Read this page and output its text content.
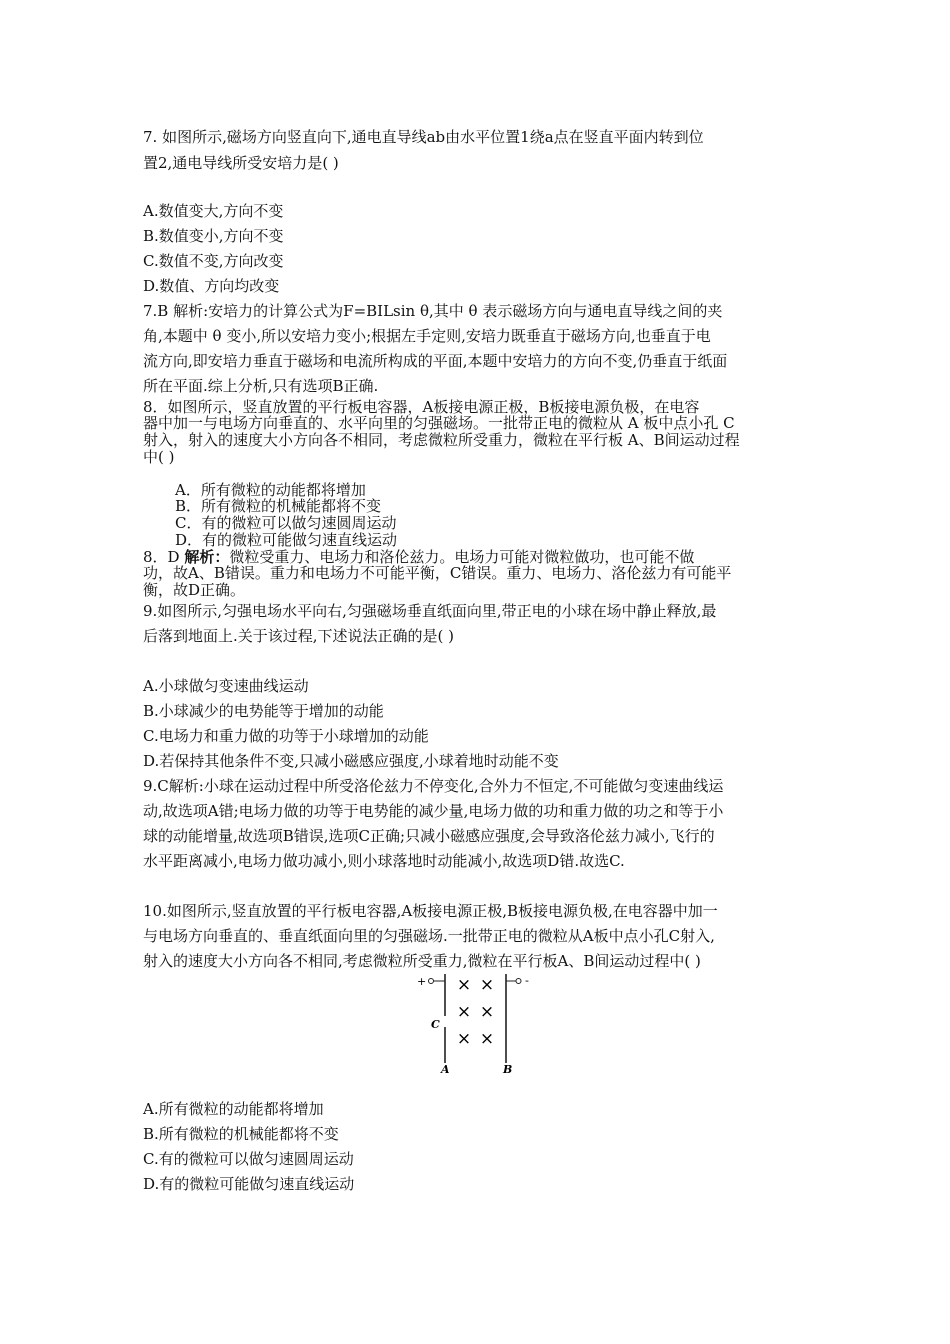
7. 如图所示,磁场方向竖直向下,通电直导线ab由水平位置1绕a点在竖直平面内转到位
置2,通电导线所受安培力是( )
A.数值变大,方向不变
B.数值变小,方向不变
C.数值不变,方向改变
D.数值、方向均改变
7.B 解析:安培力的计算公式为F=BILsin θ,其中 θ 表示磁场方向与通电直导线之间的夹
角,本题中 θ 变小,所以安培力变小;根据左手定则,安培力既垂直于磁场方向,也垂直于电
流方向,即安培力垂直于磁场和电流所构成的平面,本题中安培力的方向不变,仍垂直于纸面
所在平面.综上分析,只有选项B正确.
8．如图所示，竖直放置的平行板电容器，A板接电源正极，B板接电源负极，在电容
器中加一与电场方向垂直的、水平向里的匀强磁场。一批带正电的微粒从 A 板中点小孔 C
射入，射入的速度大小方向各不相同，考虑微粒所受重力，微粒在平行板 A、B间运动过程
中( )
A．所有微粒的动能都将增加
B．所有微粒的机械能都将不变
C．有的微粒可以做匀速圆周运动
D．有的微粒可能做匀速直线运动
8．D 解析：微粒受重力、电场力和洛伦兹力。电场力可能对微粒做功，也可能不做
功，故A、B错误。重力和电场力不可能平衡，C错误。重力、电场力、洛伦兹力有可能平
衡，故D正确。
9.如图所示,匀强电场水平向右,匀强磁场垂直纸面向里,带正电的小球在场中静止释放,最
后落到地面上.关于该过程,下述说法正确的是( )
A.小球做匀变速曲线运动
B.小球减少的电势能等于增加的动能
C.电场力和重力做的功等于小球增加的动能
D.若保持其他条件不变,只减小磁感应强度,小球着地时动能不变
9.C解析:小球在运动过程中所受洛伦兹力不停变化,合外力不恒定,不可能做匀变速曲线运
动,故选项A错;电场力做的功等于电势能的减少量,电场力做的功和重力做的功之和等于小
球的动能增量,故选项B错误,选项C正确;只减小磁感应强度,会导致洛伦兹力减小,飞行的
水平距离减小,电场力做功减小,则小球落地时动能减小,故选项D错.故选C.
10.如图所示,竖直放置的平行板电容器,A板接电源正极,B板接电源负极,在电容器中加一
与电场方向垂直的、垂直纸面向里的匀强磁场.一批带正电的微粒从A板中点小孔C射入,
射入的速度大小方向各不相同,考虑微粒所受重力,微粒在平行板A、B间运动过程中( )
+	-
× ×
× ×
× ×
C
A	B
A.所有微粒的动能都将增加
B.所有微粒的机械能都将不变
C.有的微粒可以做匀速圆周运动
D.有的微粒可能做匀速直线运动
